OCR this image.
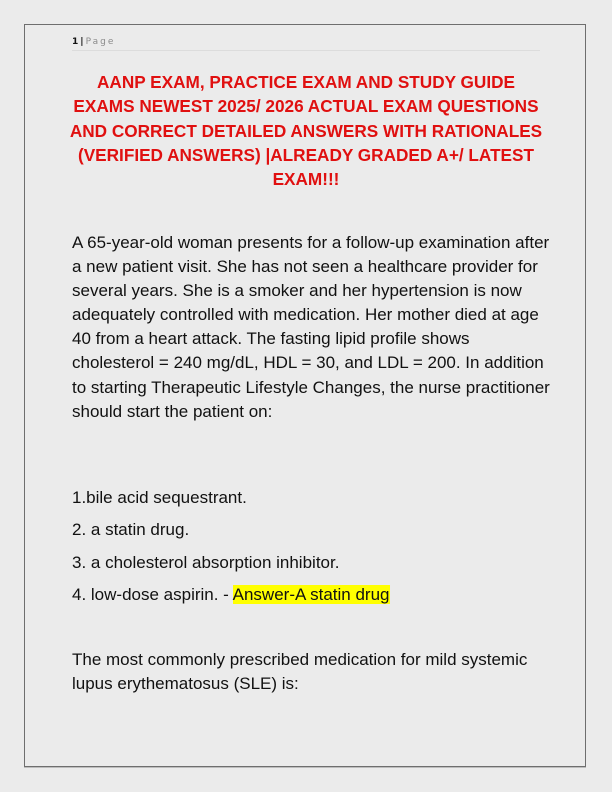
1 | Page
AANP EXAM, PRACTICE EXAM AND STUDY GUIDE EXAMS NEWEST 2025/ 2026 ACTUAL EXAM QUESTIONS AND CORRECT DETAILED ANSWERS WITH RATIONALES (VERIFIED ANSWERS) |ALREADY GRADED A+/ LATEST EXAM!!!
A 65-year-old woman presents for a follow-up examination after a new patient visit. She has not seen a healthcare provider for several years. She is a smoker and her hypertension is now adequately controlled with medication. Her mother died at age 40 from a heart attack. The fasting lipid profile shows cholesterol = 240 mg/dL, HDL = 30, and LDL = 200. In addition to starting Therapeutic Lifestyle Changes, the nurse practitioner should start the patient on:
1.bile acid sequestrant.
2. a statin drug.
3. a cholesterol absorption inhibitor.
4. low-dose aspirin. - Answer-A statin drug
The most commonly prescribed medication for mild systemic lupus erythematosus (SLE) is:
